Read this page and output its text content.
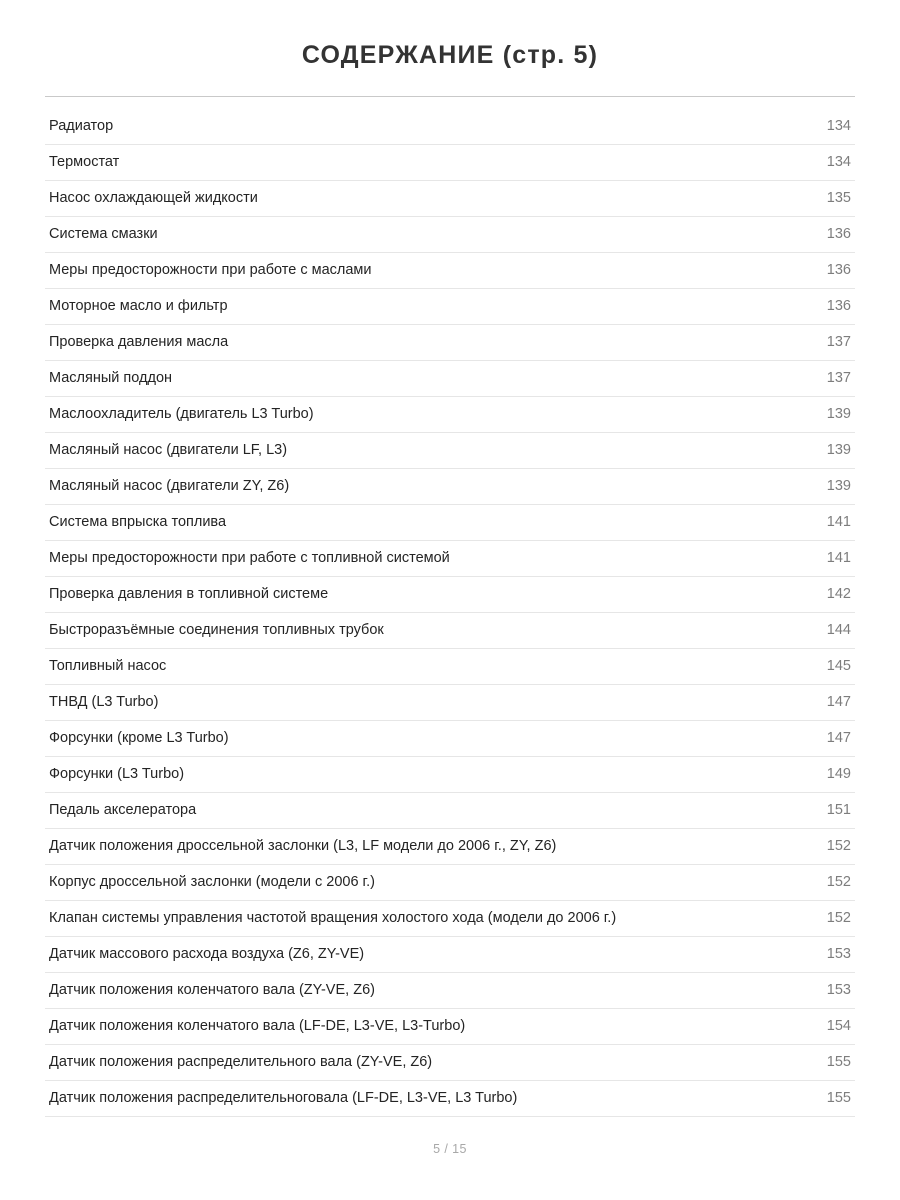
СОДЕРЖАНИЕ (стр. 5)
Радиатор	134
Термостат	134
Насос охлаждающей жидкости	135
Система смазки	136
Меры предосторожности при работе с маслами	136
Моторное масло и фильтр	136
Проверка давления масла	137
Масляный поддон	137
Маслоохладитель (двигатель L3 Turbo)	139
Масляный насос (двигатели LF, L3)	139
Масляный насос (двигатели ZY, Z6)	139
Система впрыска топлива	141
Меры предосторожности при работе с топливной системой	141
Проверка давления в топливной системе	142
Быстроразъёмные соединения топливных трубок	144
Топливный насос	145
ТНВД (L3 Turbo)	147
Форсунки (кроме L3 Turbo)	147
Форсунки (L3 Turbo)	149
Педаль акселератора	151
Датчик положения дроссельной заслонки (L3, LF модели до 2006 г., ZY, Z6)	152
Корпус дроссельной заслонки (модели с 2006 г.)	152
Клапан системы управления частотой вращения холостого хода (модели до 2006 г.)	152
Датчик массового расхода воздуха (Z6, ZY-VE)	153
Датчик положения коленчатого вала (ZY-VE, Z6)	153
Датчик положения коленчатого вала (LF-DE, L3-VE, L3-Turbo)	154
Датчик положения распределительного вала (ZY-VE, Z6)	155
Датчик положения распределительноговала (LF-DE, L3-VE, L3 Turbo)	155
5 / 15
